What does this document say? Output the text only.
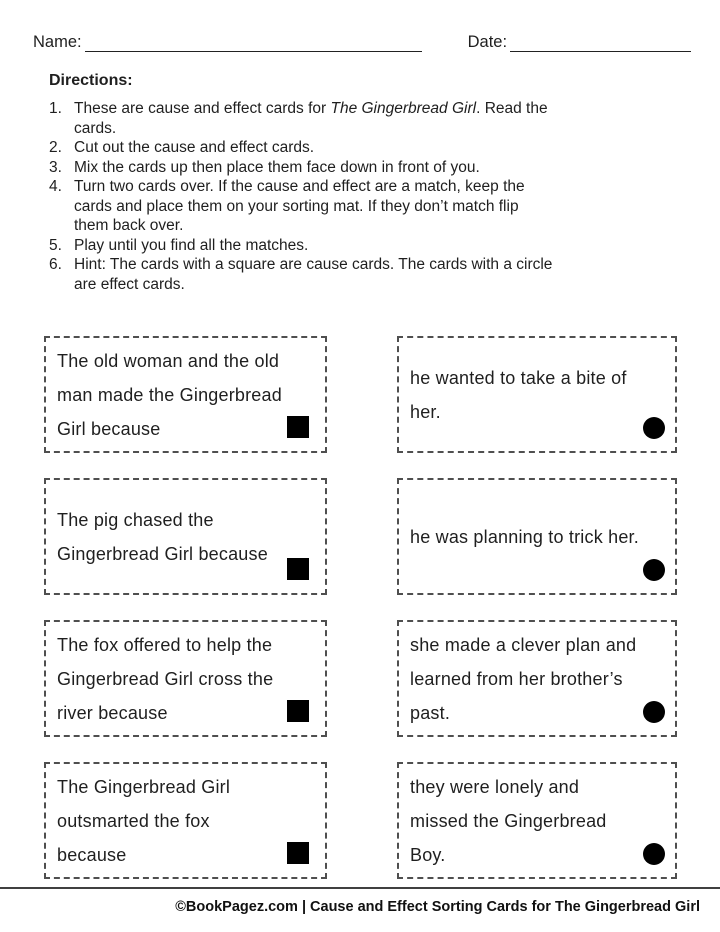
Name:	Date:
Directions:
1. These are cause and effect cards for The Gingerbread Girl. Read the
cards.
2. Cut out the cause and effect cards.
3. Mix the cards up then place them face down in front of you.
4. Turn two cards over. If the cause and effect are a match, keep the
cards and place them on your sorting mat. If they don’t match flip
them back over.
5. Play until you find all the matches.
6. Hint: The cards with a square are cause cards. The cards with a circle
are effect cards.
The old woman and the old
man made the Gingerbread
Girl because
he wanted to take a bite of
her.
The pig chased the
Gingerbread Girl because
he was planning to trick her.
The fox offered to help the
Gingerbread Girl cross the
river because
she made a clever plan and
learned from her brother’s
past.
The Gingerbread Girl
outsmarted the fox
because
they were lonely and
missed the Gingerbread
Boy.
©BookPagez.com | Cause and Effect Sorting Cards for The Gingerbread Girl
